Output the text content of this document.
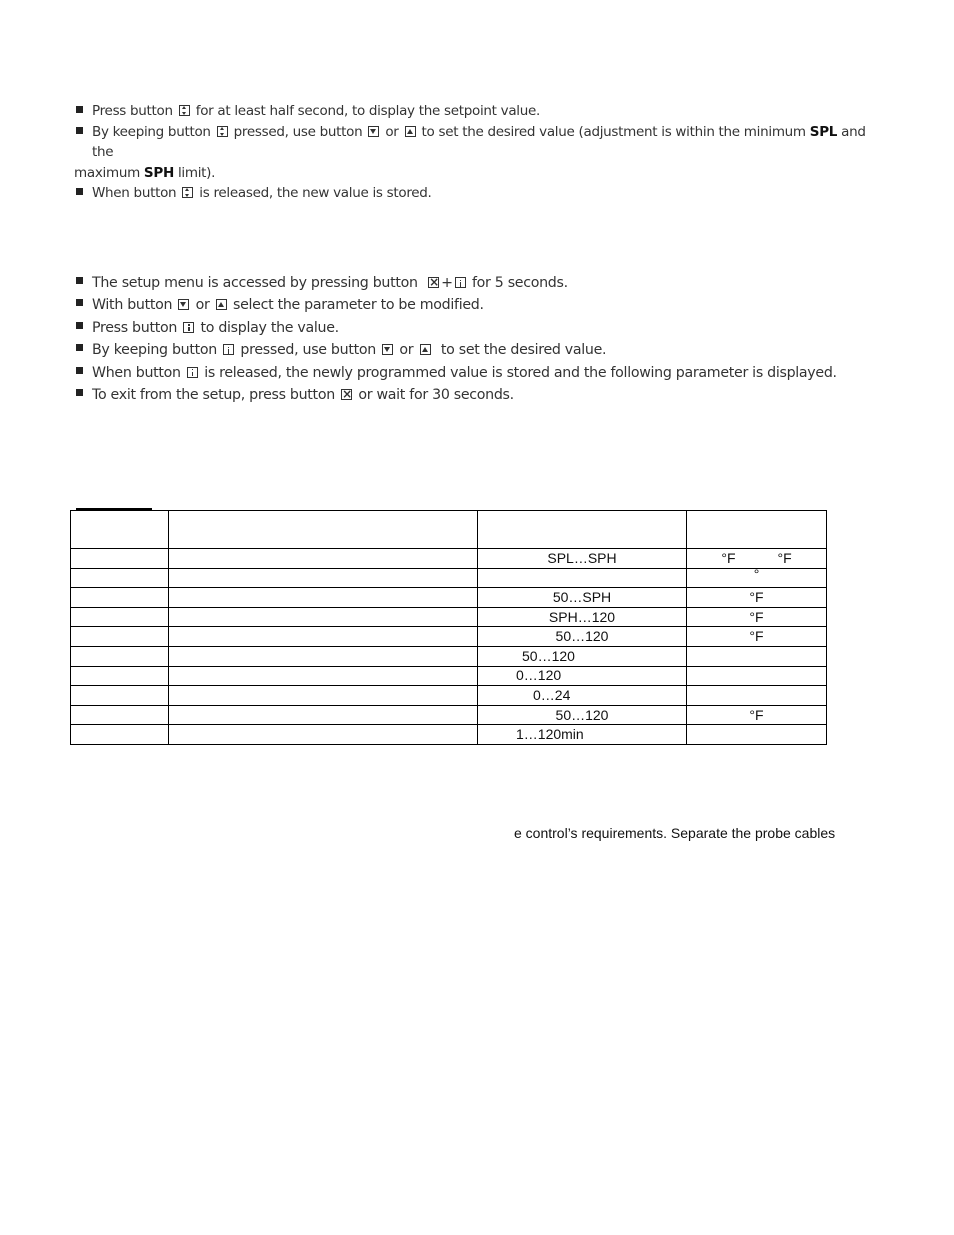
Press button for at least half second, to display the setpoint value.
By keeping button pressed, use button or to set the desired value (adjustment is within the minimum SPL and the
maximum SPH limit).
When button is released, the new value is stored.
The setup menu is accessed by pressing button × + for 5 seconds.
With button or select the parameter to be modified.
Press button to display the value.
By keeping button pressed, use button or to set the desired value.
When button is released, the newly programmed value is stored and the following parameter is displayed.
To exit from the setup, press button × or wait for 30 seconds.

		SPL…SPH	°F °F
			°
		50…SPH	°F
		SPH…120	°F
		50…120	°F
		50…120	
		0…120	
		0…24	
		50…120	°F
		1…120min	
e control’s requirements. Separate the probe cables
